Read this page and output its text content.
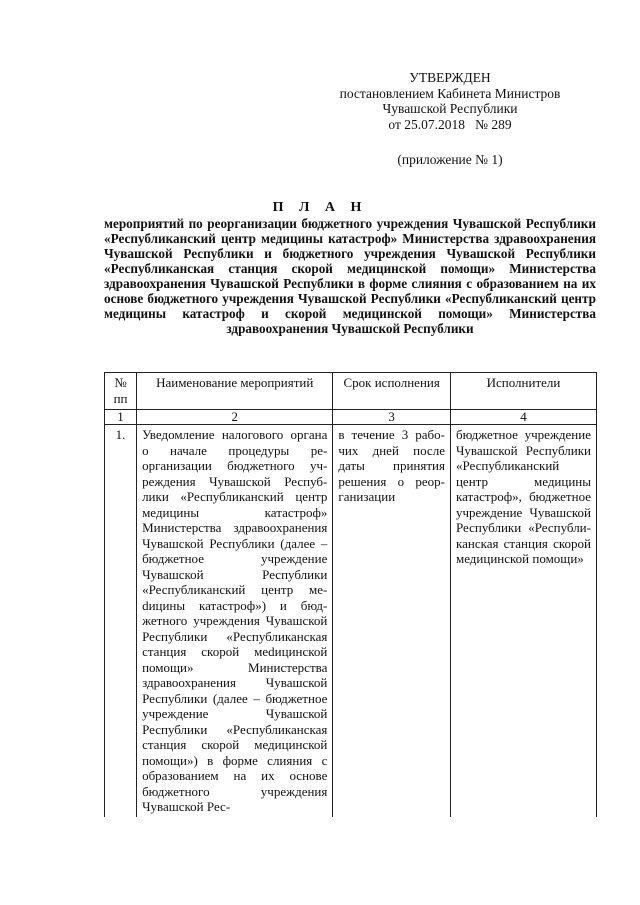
УТВЕРЖДЕН
постановлением Кабинета Министров
Чувашской Республики
от 25.07.2018   № 289
(приложение № 1)
П Л А Н
мероприятий по реорганизации бюджетного учреждения Чувашской Республики «Республиканский центр медицины катастроф» Министерства здравоохранения Чувашской Республики и бюджетного учреждения Чувашской Республики «Республиканская станция скорой медицинской помощи» Министерства здравоохранения Чувашской Республики в форме слияния с образованием на их основе бюджетного учреждения Чувашской Республики «Республиканский центр медицины катастроф и скорой медицинской помощи» Министерства здравоохранения Чувашской Республики
№ пп	Наименование мероприятий	Срок исполнения	Исполнители
1	2	3	4
1.	Уведомление налогового органа о начале процедуры реорганизации бюджетного учреждения Чувашской Республики «Республиканский центр медицины катастроф» Министерства здравоохранения Чувашской Республики (далее – бюджетное учреждение Чувашской Республики «Республиканский центр меdицины катастроф») и бюджетного учреждения Чувашской Республики «Республиканская станция скорой меdицинской помощи» Министерства здравоохранения Чувашской Республики (далее – бюджетное учреждение Чувашской Республики «Республиканская станция скорой медицинской помощи») в форме слияния с образованием на их основе бюджетного учреждения Чувашской Рес-	в течение 3 рабочих дней после даты принятия решения о реорганизации	бюджетное учреждение Чувашской Республики «Республиканский центр медицины катастроф», бюджетное учреждение Чувашской Республики «Республиканская станция скорой медицинской помощи»
